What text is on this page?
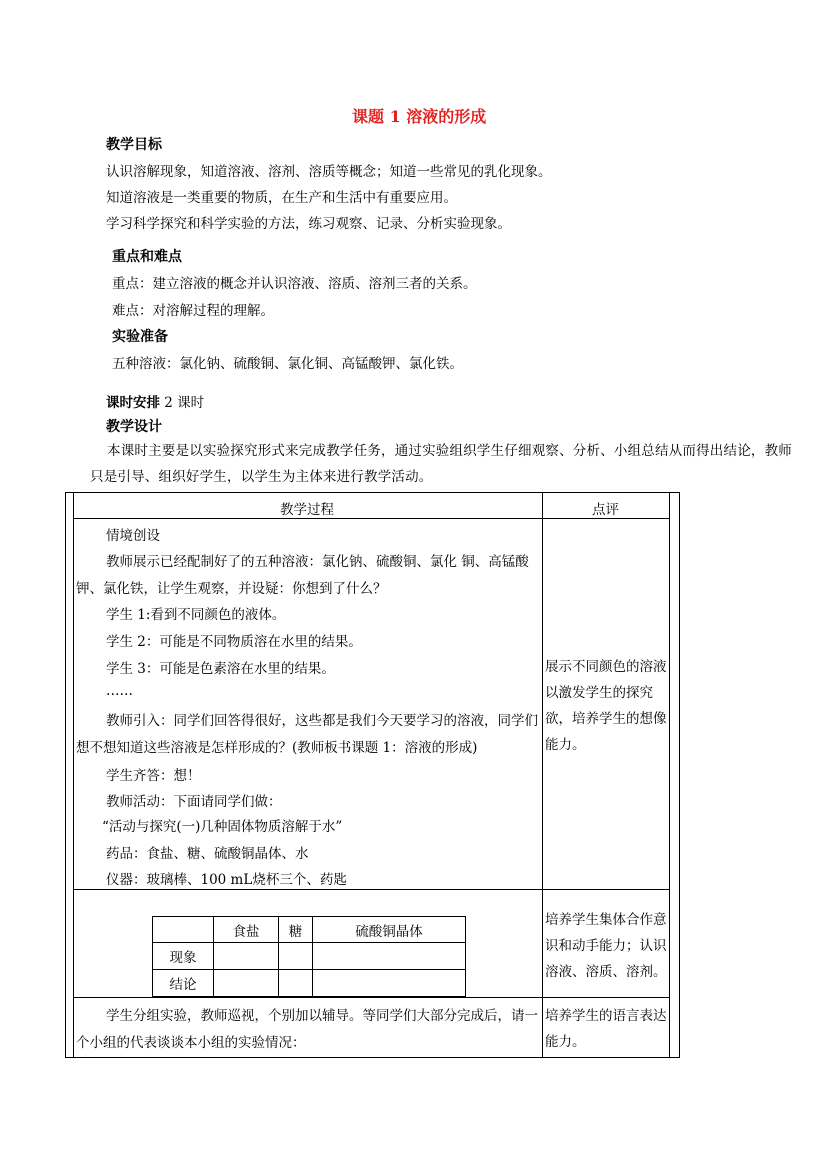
课题 1 溶液的形成
教学目标
认识溶解现象，知道溶液、溶剂、溶质等概念；知道一些常见的乳化现象。
知道溶液是一类重要的物质，在生产和生活中有重要应用。
学习科学探究和科学实验的方法，练习观察、记录、分析实验现象。
重点和难点
重点：建立溶液的概念并认识溶液、溶质、溶剂三者的关系。
难点：对溶解过程的理解。
实验准备
五种溶液：氯化钠、硫酸铜、氯化铜、高锰酸钾、氯化铁。
课时安排 2 课时
教学设计
本课时主要是以实验探究形式来完成教学任务，通过实验组织学生仔细观察、分析、小组总结从而得出结论，教师只是引导、组织好学生，以学生为主体来进行教学活动。
教学过程	点评
情境创设
教师展示已经配制好了的五种溶液：氯化钠、硫酸铜、氯化 铜、高锰酸钾、氯化铁，让学生观察，并设疑：你想到了什么？
学生 1:看到不同颜色的液体。
学生 2：可能是不同物质溶在水里的结果。
学生 3：可能是色素溶在水里的结果。
……
教师引入：同学们回答得很好，这些都是我们今天要学习的溶液，同学们想不想知道这些溶液是怎样形成的？(教师板书课题 1：溶液的形成)
学生齐答：想！
教师活动：下面请同学们做：
“活动与探究(一)几种固体物质溶解于水”
药品：食盐、糖、硫酸铜晶体、水
仪器：玻璃棒、100 mL烧杯三个、药匙
展示不同颜色的溶液以激发学生的探究欲，培养学生的想像能力。
	食盐	糖	硫酸铜晶体
现象			
结论			
培养学生集体合作意识和动手能力；认识溶液、溶质、溶剂。
学生分组实验，教师巡视，个别加以辅导。等同学们大部分完成后，请一个小组的代表谈谈本小组的实验情况：
培养学生的语言表达能力。
